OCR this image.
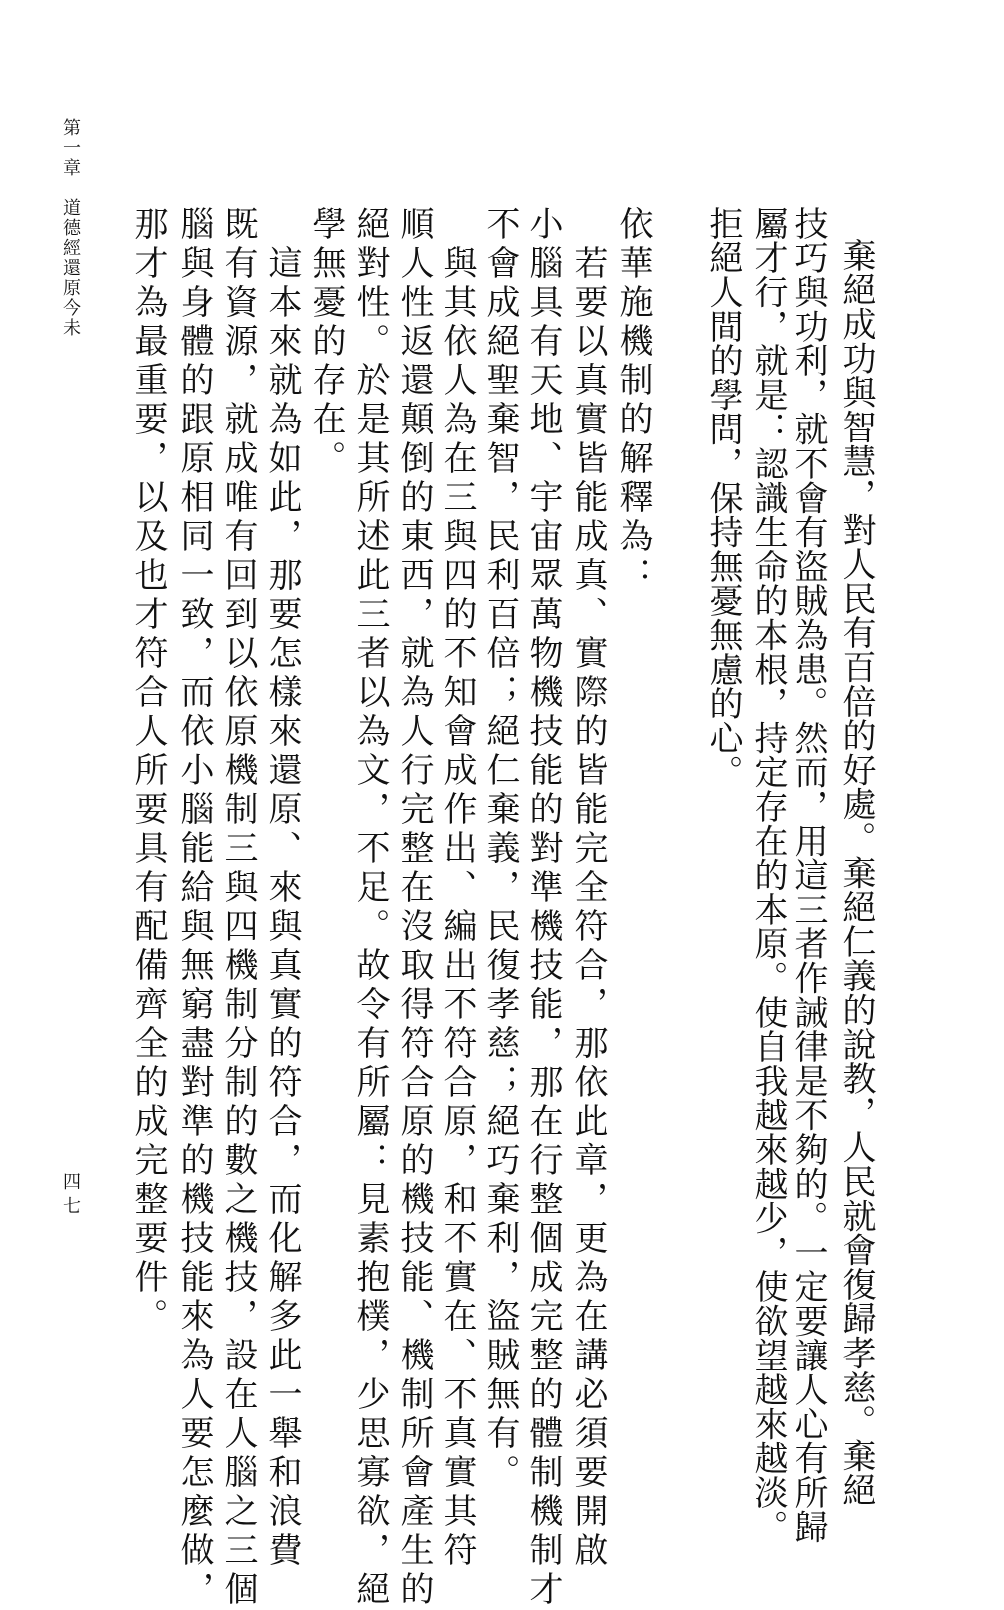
第一章　道德經還原今未
四七	棄絕成功與智慧，對人民有百倍的好處。棄絕仁義的說教，人民就會復歸孝慈。棄絕
技巧與功利，就不會有盜賊為患。然而，用這三者作誡律是不夠的。一定要讓人心有所歸
屬才行，就是：認識生命的本根，持定存在的本原。使自我越來越少，使欲望越來越淡。
拒絕人間的學問，保持無憂無慮的心。
依華施機制的解釋為：
　若要以真實皆能成真、實際的皆能完全符合，那依此章，更為在講必須要開啟
小腦具有天地、宇宙眾萬物機技能的對準機技能，那在行整個成完整的體制機制才
不會成絕聖棄智，民利百倍；絕仁棄義，民復孝慈；絕巧棄利，盜賊無有。
　與其依人為在三與四的不知會成作出、編出不符合原，和不實在、不真實其符
順人性返還顛倒的東西，就為人行完整在沒取得符合原的機技能、機制所會產生的
絕對性。於是其所述此三者以為文，不足。故令有所屬：見素抱樸，少思寡欲，絕
學無憂的存在。
　這本來就為如此，那要怎樣來還原、來與真實的符合，而化解多此一舉和浪費
既有資源，就成唯有回到以依原機制三與四機制分制的數之機技，設在人腦之三個
腦與身體的跟原相同一致，而依小腦能給與無窮盡對準的機技能來為人要怎麼做，
那才為最重要，以及也才符合人所要具有配備齊全的成完整要件。
